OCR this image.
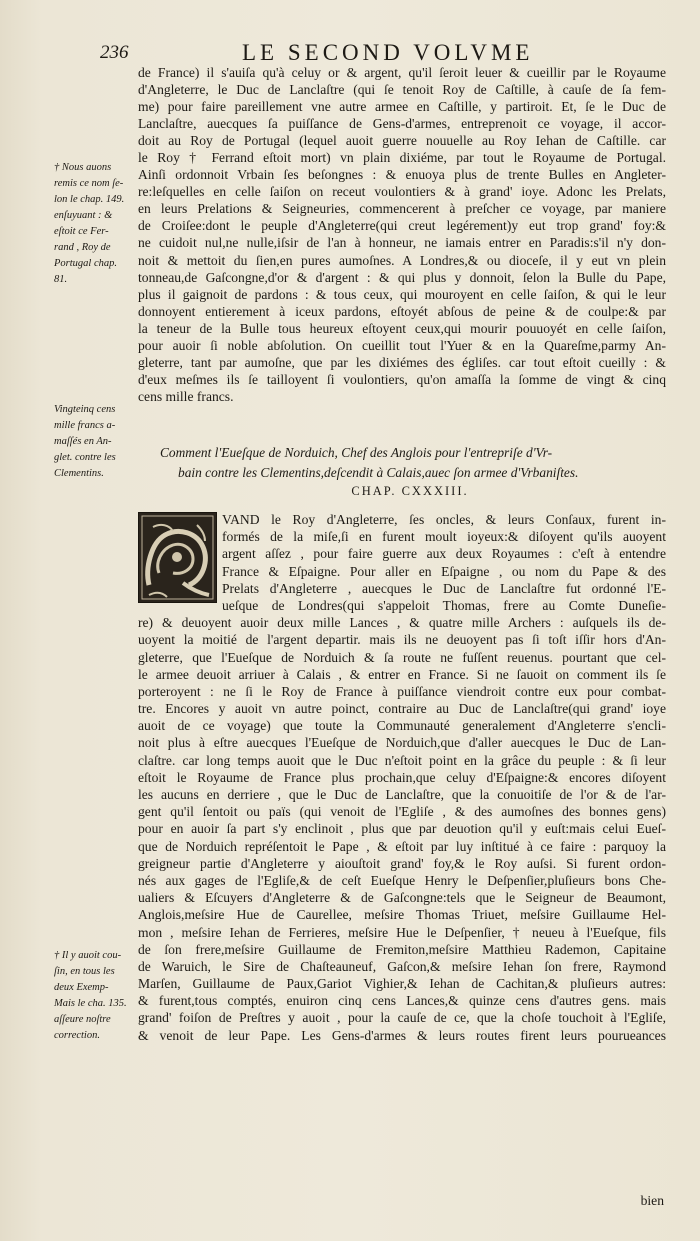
236	LE SECOND VOLVME
† Nous auons
remis ce nom ſe-
lon le chap. 149.
enſuyuant : &
eſtoit ce Fer-
rand , Roy de
Portugal chap.
81.
Vingteinq cens
mille francs a-
maſſés en An-
glet. contre les
Clementins.
† Il y auoit cou-
ſin, en tous les
deux Exemp-
Mais le cha. 135.
aſſeure noſtre
correction.
de France) il s'auiſa qu'à celuy or & argent, qu'il ſeroit leuer & cueillir par le Royaume
d'Angleterre, le Duc de Lanclaſtre (qui ſe tenoit Roy de Caſtille, à cauſe de ſa fem-
me) pour faire pareillement vne autre armee en Caſtille, y partiroit. Et, ſe le Duc de
Lanclaſtre, auecques ſa puiſſance de Gens-d'armes, entreprenoit ce voyage, il accor-
doit au Roy de Portugal (lequel auoit guerre nouuelle au Roy Iehan de Caſtille. car
le Roy † Ferrand eſtoit mort) vn plain dixiéme, par tout le Royaume de Portugal.
Ainſi ordonnoit Vrbain ſes beſongnes : & enuoya plus de trente Bulles en Angleter-
re:leſquelles en celle ſaiſon on receut voulontiers & à grand' ioye. Adonc les Prelats,
en leurs Prelations & Seigneuries, commencerent à preſcher ce voyage, par maniere
de Croiſee:dont le peuple d'Angleterre(qui creut legérement)y eut trop grand' foy:&
ne cuidoit nul,ne nulle,iſsir de l'an à honneur, ne iamais entrer en Paradis:s'il n'y don-
noit & mettoit du ſien,en pures aumoſnes. A Londres,& ou dioceſe, il y eut vn plein
tonneau,de Gaſcongne,d'or & d'argent : & qui plus y donnoit, ſelon la Bulle du Pape,
plus il gaignoit de pardons : & tous ceux, qui mouroyent en celle ſaiſon, & qui le leur
donnoyent entierement à iceux pardons, eſtoyét abſous de peine & de coulpe:& par
la teneur de la Bulle tous heureux eſtoyent ceux,qui mourir pouuoyét en celle ſaiſon,
pour auoir ſi noble abſolution. On cueillit tout l'Yuer & en la Quareſme,parmy An-
gleterre, tant par aumoſne, que par les dixiémes des égliſes. car tout eſtoit cueilly : &
d'eux meſmes ils ſe tailloyent ſi voulontiers, qu'on amaſſa la ſomme de vingt & cinq
cens mille francs.
Comment l'Eueſque de Norduich, Chef des Anglois pour l'entrepriſe d'Vr-
bain contre les Clementins,deſcendit à Calais,auec ſon armee d'Vrbaniſtes.
CHAP. CXXXIII.
VAND le Roy d'Angleterre, ſes oncles, & leurs Conſaux, furent in-
formés de la miſe,ſi en furent moult ioyeux:& diſoyent qu'ils auoyent
argent aſſez , pour faire guerre aux deux Royaumes : c'eſt à entendre
France & Eſpaigne. Pour aller en Eſpaigne , ou nom du Pape & des
Prelats d'Angleterre , auecques le Duc de Lanclaſtre fut ordonné l'E-
ueſque de Londres(qui s'appeloit Thomas, frere au Comte Duneſie-
re) & deuoyent auoir deux mille Lances , & quatre mille Archers : auſquels ils de-
uoyent la moitié de l'argent departir. mais ils ne deuoyent pas ſi toſt iſſir hors d'An-
gleterre, que l'Eueſque de Norduich & ſa route ne fuſſent reuenus. pourtant que cel-
le armee deuoit arriuer à Calais , & entrer en France. Si ne ſauoit on comment ils ſe
porteroyent : ne ſi le Roy de France à puiſſance viendroit contre eux pour combat-
tre. Encores y auoit vn autre poinct, contraire au Duc de Lanclaſtre(qui grand' ioye
auoit de ce voyage) que toute la Communauté generalement d'Angleterre s'encli-
noit plus à eſtre auecques l'Eueſque de Norduich,que d'aller auecques le Duc de Lan-
claſtre. car long temps auoit que le Duc n'eſtoit point en la grâce du peuple : & ſi leur
eſtoit le Royaume de France plus prochain,que celuy d'Eſpaigne:& encores diſoyent
les aucuns en derriere , que le Duc de Lanclaſtre, que la conuoitiſe de l'or & de l'ar-
gent qu'il ſentoit ou païs (qui venoit de l'Egliſe , & des aumoſnes des bonnes gens)
pour en auoir ſa part s'y enclinoit , plus que par deuotion qu'il y euſt:mais celui Eueſ-
que de Norduich repréſentoit le Pape , & eſtoit par luy inſtitué à ce faire : parquoy la
greigneur partie d'Angleterre y aiouſtoit grand' foy,& le Roy auſsi. Si furent ordon-
nés aux gages de l'Egliſe,& de ceſt Eueſque Henry le Deſpenſier,pluſieurs bons Che-
ualiers & Eſcuyers d'Angleterre & de Gaſcongne:tels que le Seigneur de Beaumont,
Anglois,meſsire Hue de Caurellee, meſsire Thomas Triuet, meſsire Guillaume Hel-
mon , meſsire Iehan de Ferrieres, meſsire Hue le Deſpenſier, † neueu à l'Eueſque, fils
de ſon frere,meſsire Guillaume de Fremiton,meſsire Matthieu Rademon, Capitaine
de Waruich, le Sire de Chaſteauneuf, Gaſcon,& meſsire Iehan ſon frere, Raymond
Marſen, Guillaume de Paux,Gariot Vighier,& Iehan de Cachitan,& pluſieurs autres:
& furent,tous comptés, enuiron cinq cens Lances,& quinze cens d'autres gens. mais
grand' foiſon de Preſtres y auoit , pour la cauſe de ce, que la choſe touchoit à l'Egliſe,
& venoit de leur Pape. Les Gens-d'armes & leurs routes firent leurs pourueances
bien
